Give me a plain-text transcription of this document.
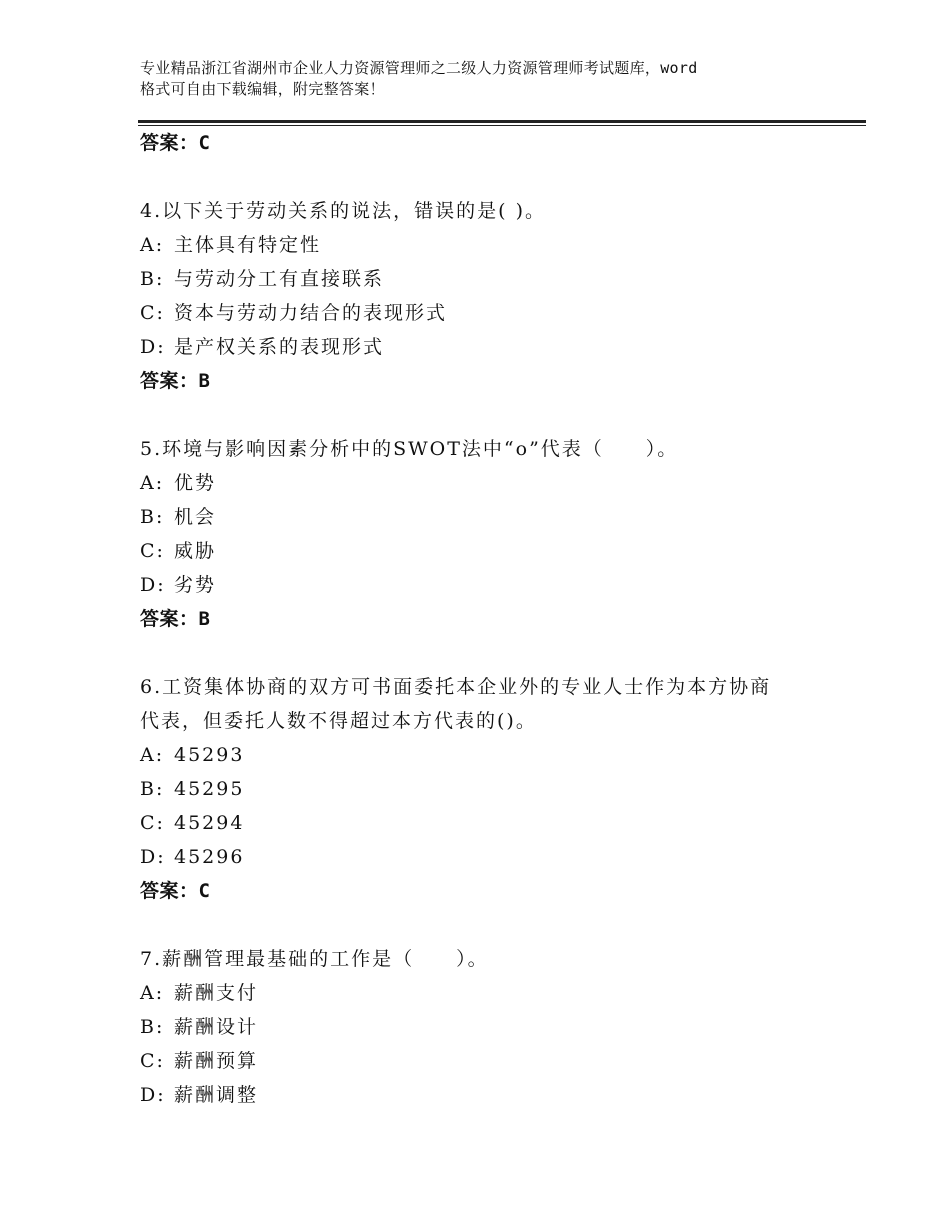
专业精品浙江省湖州市企业人力资源管理师之二级人力资源管理师考试题库，word
格式可自由下载编辑，附完整答案！
答案：C
4.以下关于劳动关系的说法，错误的是( )。
A: 主体具有特定性
B: 与劳动分工有直接联系
C: 资本与劳动力结合的表现形式
D: 是产权关系的表现形式
答案：B
5.环境与影响因素分析中的SWOT法中“o”代表（　　）。
A: 优势
B: 机会
C: 威胁
D: 劣势
答案：B
6.工资集体协商的双方可书面委托本企业外的专业人士作为本方协商
代表，但委托人数不得超过本方代表的()。
A: 45293
B: 45295
C: 45294
D: 45296
答案：C
7.薪酬管理最基础的工作是（　　）。
A: 薪酬支付
B: 薪酬设计
C: 薪酬预算
D: 薪酬调整
